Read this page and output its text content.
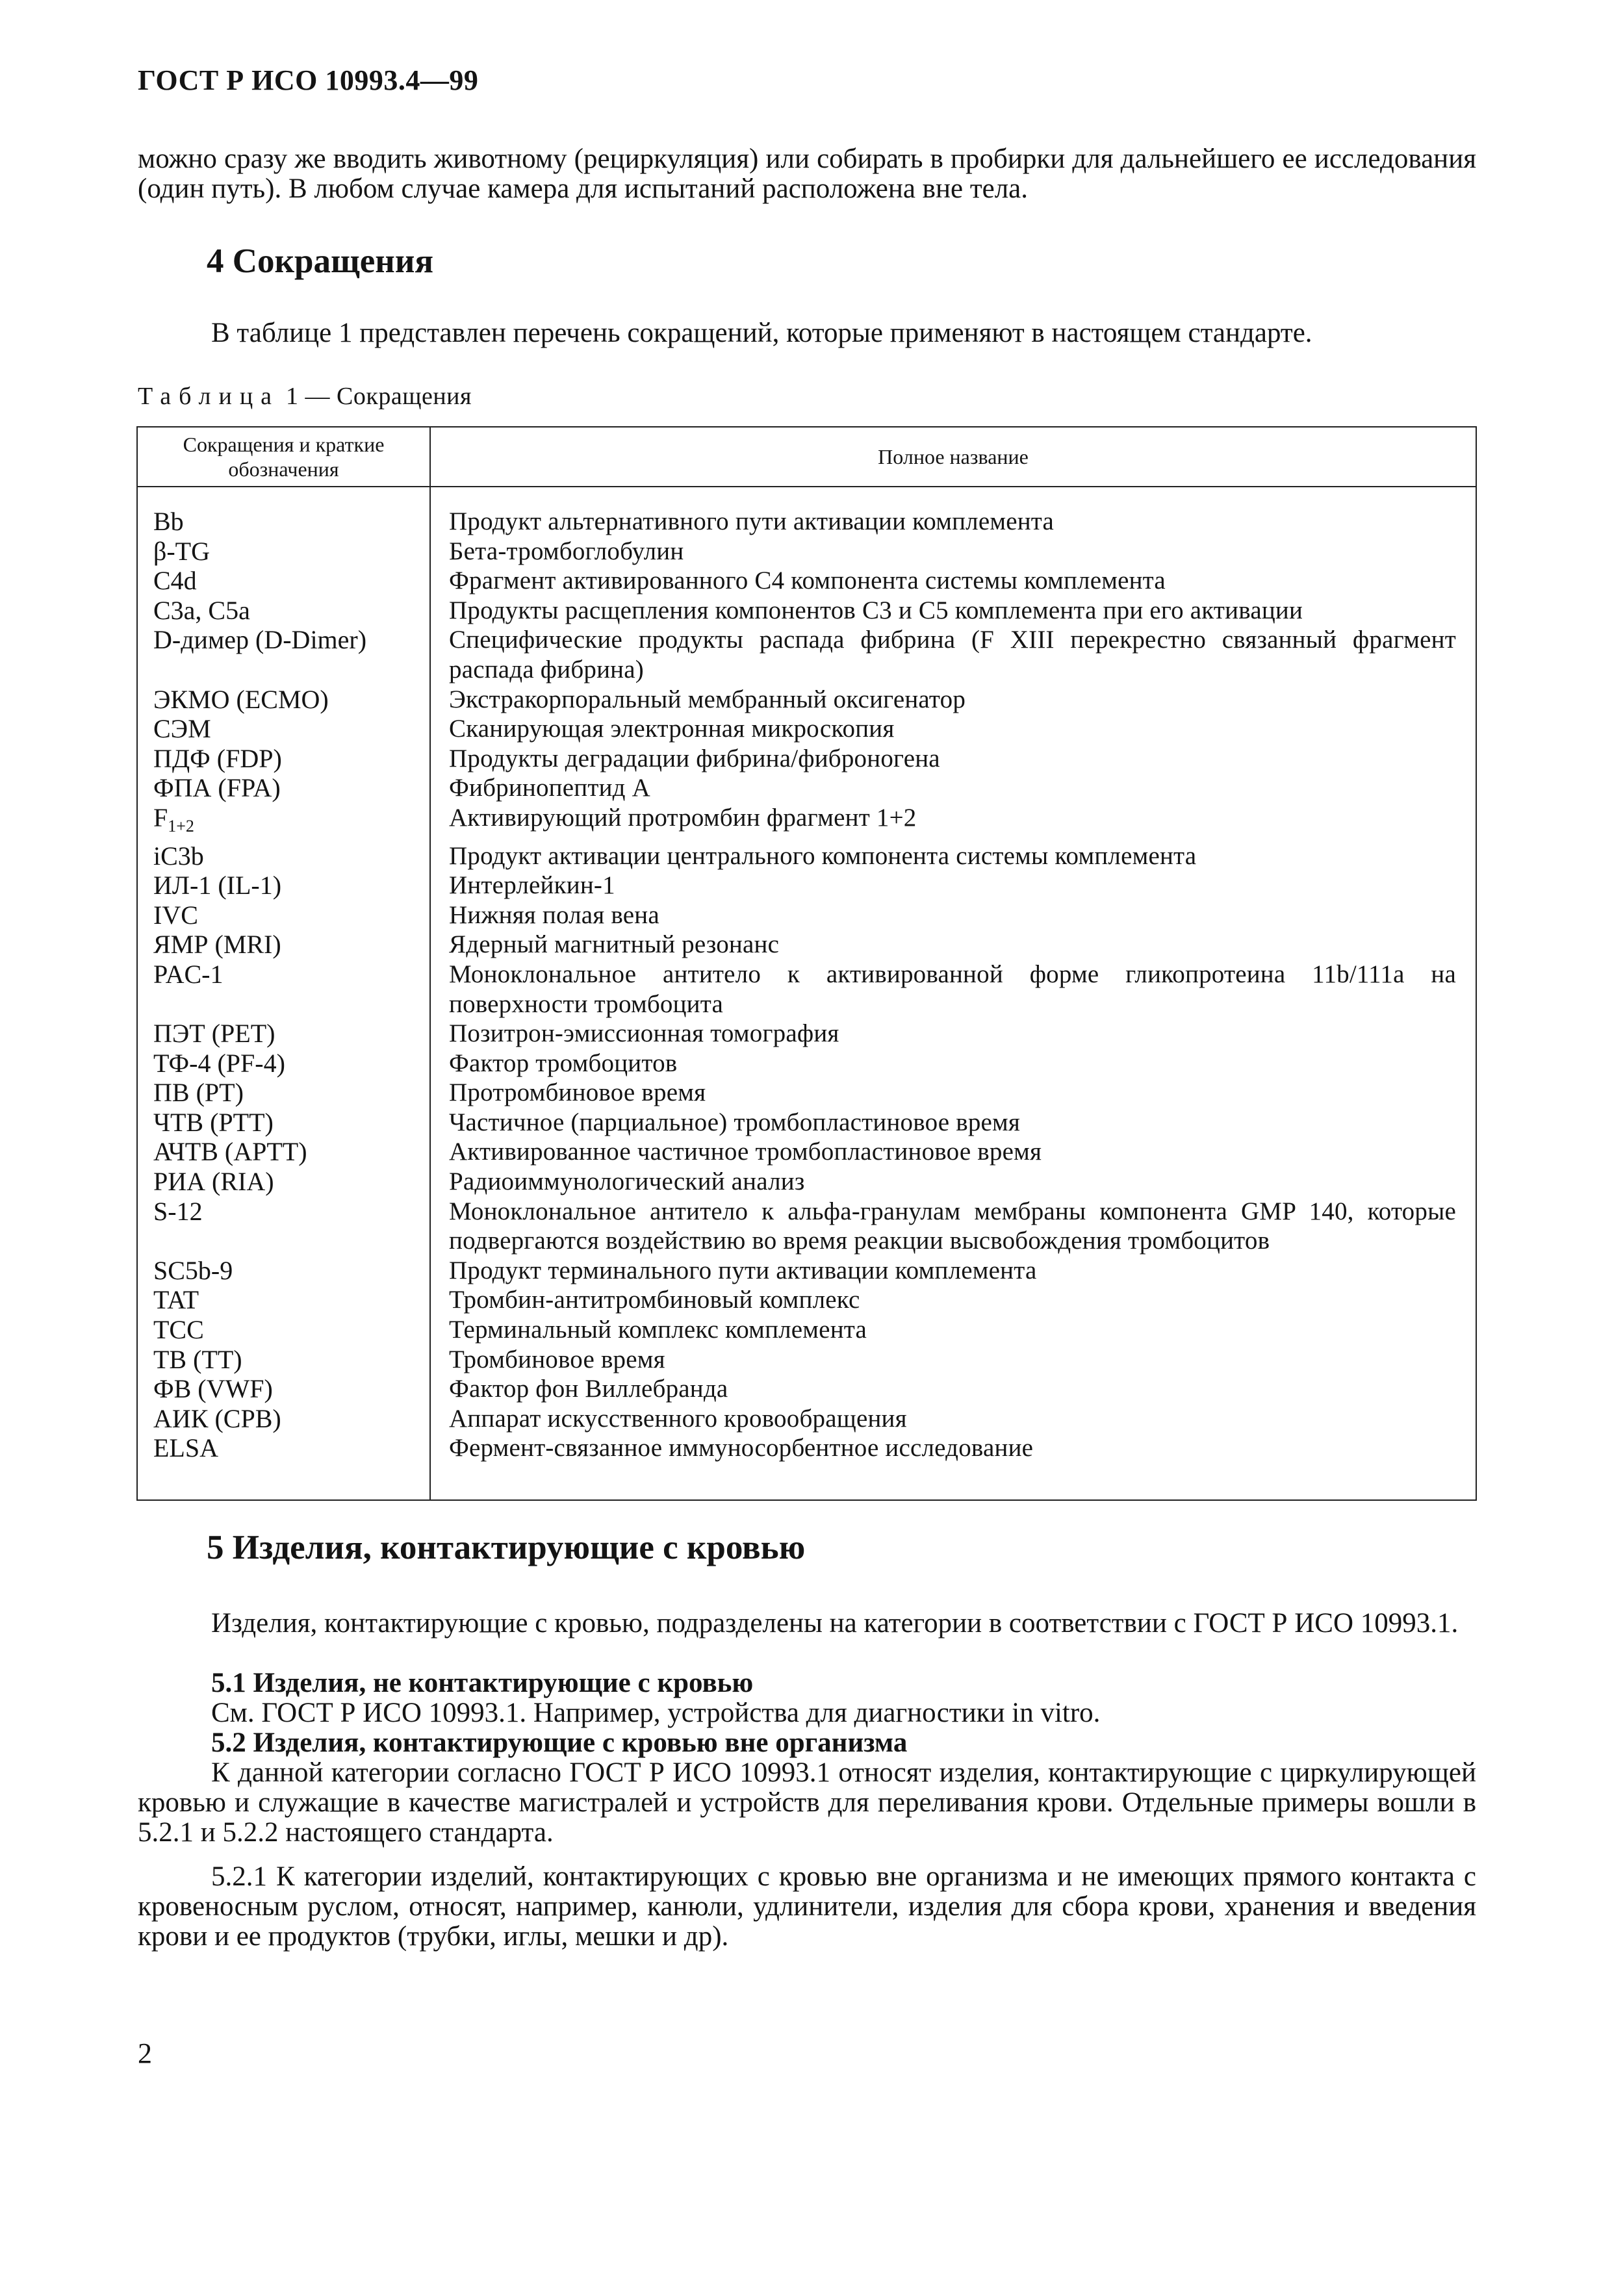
ГОСТ Р ИСО 10993.4—99
можно сразу же вводить животному (рециркуляция) или собирать в пробирки для дальнейшего ее исследования (один путь). В любом случае камера для испытаний расположена вне тела.
4 Сокращения
В таблице 1 представлен перечень сокращений, которые применяют в настоящем стандарте.
Таблица 1 — Сокращения
Сокращения и краткие обозначения
Полное название
Bb	Продукт альтернативного пути активации комплемента
β-TG	Бета-тромбоглобулин
C4d	Фрагмент активированного С4 компонента системы комплемента
C3a, C5a	Продукты расщепления компонентов С3 и С5 комплемента при его активации
D-димер (D-Dimer)	Специфические продукты распада фибрина (F XIII перекрестно связанный фрагмент распада фибрина)
ЭКМО (ECMO)	Экстракорпоральный мембранный оксигенатор
СЭМ	Сканирующая электронная микроскопия
ПДФ (FDP)	Продукты деградации фибрина/фиброногена
ФПА (FPA)	Фибринопептид А
$F_{1+2}$	Активирующий протромбин фрагмент 1+2
iC3b	Продукт активации центрального компонента системы комплемента
ИЛ-1 (IL-1)	Интерлейкин-1
IVC	Нижняя полая вена
ЯМР (MRI)	Ядерный магнитный резонанс
PAC-1	Моноклональное антитело к активированной форме гликопротеина 11b/111a на поверхности тромбоцита
ПЭТ (PET)	Позитрон-эмиссионная томография
ТФ-4 (PF-4)	Фактор тромбоцитов
ПВ (PT)	Протромбиновое время
ЧТВ (PTT)	Частичное (парциальное) тромбопластиновое время
АЧТВ (APTT)	Активированное частичное тромбопластиновое время
РИА (RIA)	Радиоиммунологический анализ
S-12	Моноклональное антитело к альфа-гранулам мембраны компонента GMP 140, которые подвергаются воздействию во время реакции высвобождения тромбоцитов
SC5b-9	Продукт терминального пути активации комплемента
TAT	Тромбин-антитромбиновый комплекс
TCC	Терминальный комплекс комплемента
ТВ (TT)	Тромбиновое время
ФВ (VWF)	Фактор фон Виллебранда
АИК (CPB)	Аппарат искусственного кровообращения
ELSA	Фермент-связанное иммуносорбентное исследование
5 Изделия, контактирующие с кровью
Изделия, контактирующие с кровью, подразделены на категории в соответствии с ГОСТ Р ИСО 10993.1.
5.1 Изделия, не контактирующие с кровью
См. ГОСТ Р ИСО 10993.1. Например, устройства для диагностики in vitro.
5.2 Изделия, контактирующие с кровью вне организма
К данной категории согласно ГОСТ Р ИСО 10993.1 относят изделия, контактирующие с циркулирующей кровью и служащие в качестве магистралей и устройств для переливания крови. Отдельные примеры вошли в 5.2.1 и 5.2.2 настоящего стандарта.
5.2.1 К категории изделий, контактирующих с кровью вне организма и не имеющих прямого контакта с кровеносным руслом, относят, например, канюли, удлинители, изделия для сбора крови, хранения и введения крови и ее продуктов (трубки, иглы, мешки и др).
2
